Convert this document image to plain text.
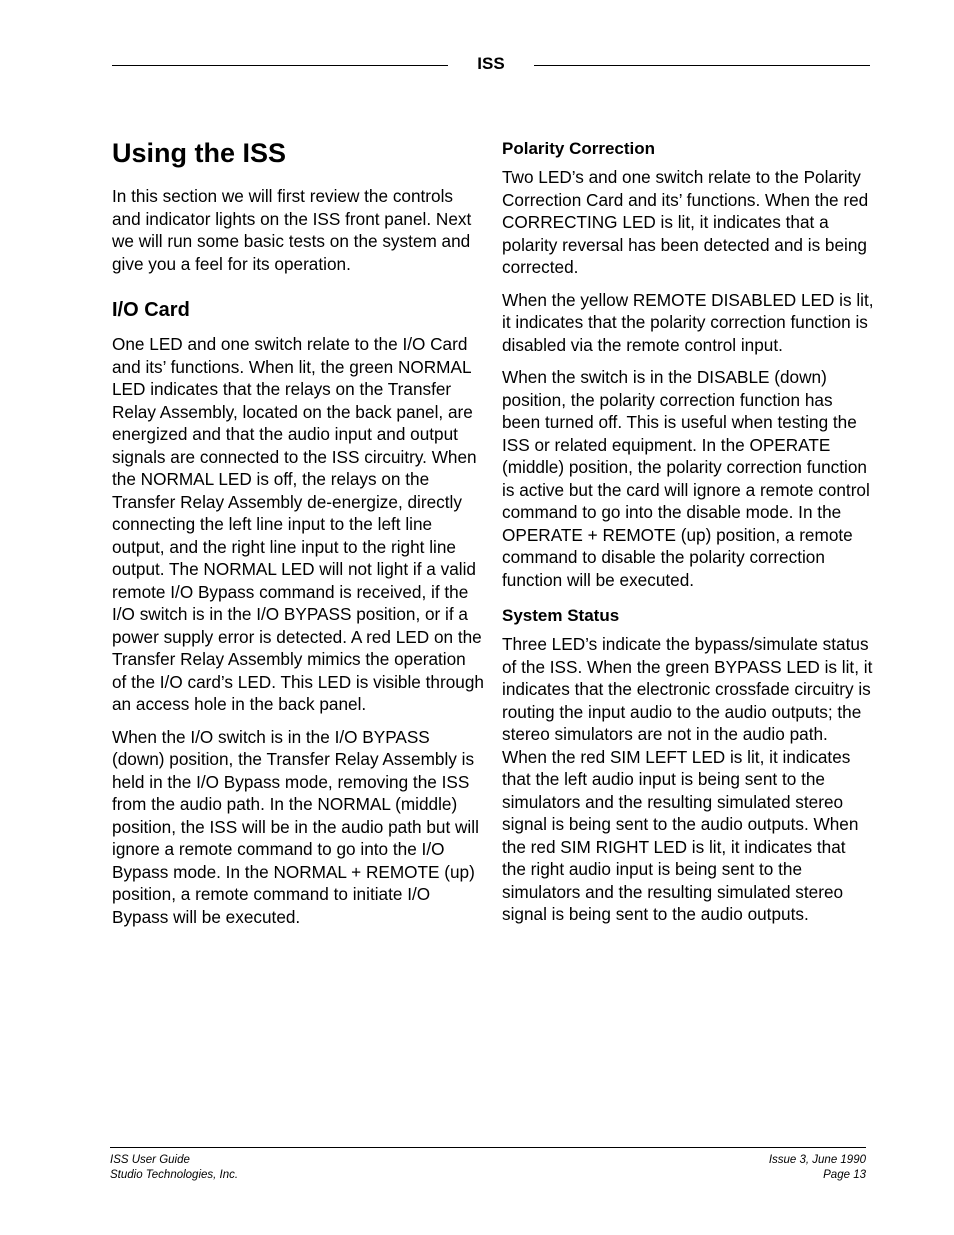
ISS
Using the ISS

In this section we will first review the controls and indicator lights on the ISS front panel. Next we will run some basic tests on the system and give you a feel for its operation.

I/O Card

One LED and one switch relate to the I/O Card and its’ functions. When lit, the green NORMAL LED indicates that the relays on the Transfer Relay Assembly, located on the back panel, are energized and that the audio input and output signals are connected to the ISS circuitry. When the NORMAL LED is off, the relays on the Transfer Relay Assembly de-energize, directly connecting the left line input to the left line output, and the right line input to the right line output. The NORMAL LED will not light if a valid remote I/O Bypass command is received, if the I/O switch is in the I/O BYPASS position, or if a power supply error is detected. A red LED on the Transfer Relay Assembly mimics the operation of the I/O card’s LED. This LED is visible through an access hole in the back panel.

When the I/O switch is in the I/O BYPASS (down) position, the Transfer Relay Assembly is held in the I/O Bypass mode, removing the ISS from the audio path. In the NORMAL (middle) position, the ISS will be in the audio path but will ignore a remote command to go into the I/O Bypass mode. In the NORMAL + REMOTE (up) position, a remote command to initiate I/O Bypass will be executed.

Polarity Correction

Two LED’s and one switch relate to the Polarity Correction Card and its’ functions. When the red CORRECTING LED is lit, it indicates that a polarity reversal has been detected and is being corrected.

When the yellow REMOTE DISABLED LED is lit, it indicates that the polarity correction function is disabled via the remote control input.

When the switch is in the DISABLE (down) position, the polarity correction function has been turned off. This is useful when testing the ISS or related equipment. In the OPERATE (middle) position, the polarity correction function is active but the card will ignore a remote control command to go into the disable mode. In the OPERATE + REMOTE (up) position, a remote command to disable the polarity correction function will be executed.

System Status

Three LED’s indicate the bypass/simulate status of the ISS. When the green BYPASS LED is lit, it indicates that the electronic crossfade circuitry is routing the input audio to the audio outputs; the stereo simulators are not in the audio path. When the red SIM LEFT LED is lit, it indicates that the left audio input is being sent to the simulators and the resulting simulated stereo signal is being sent to the audio outputs. When the red SIM RIGHT LED is lit, it indicates that the right audio input is being sent to the simulators and the resulting simulated stereo signal is being sent to the audio outputs.

ISS User Guide
Studio Technologies, Inc.
Issue 3, June 1990
Page 13
